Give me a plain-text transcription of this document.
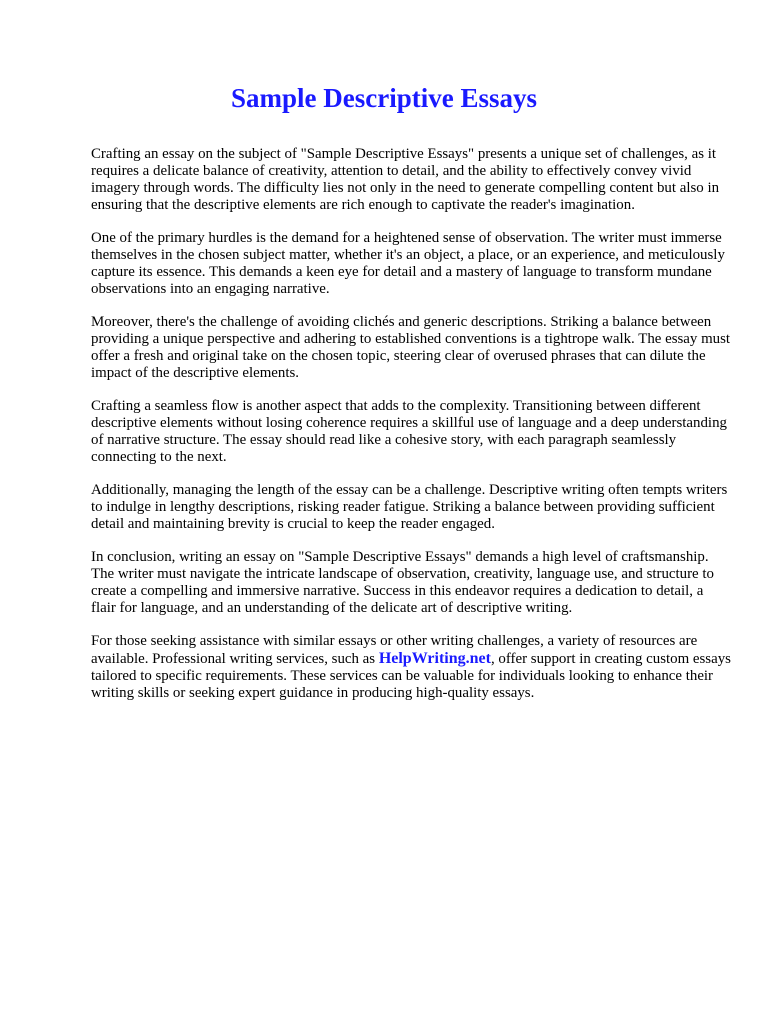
Sample Descriptive Essays

Crafting an essay on the subject of "Sample Descriptive Essays" presents a unique set of challenges, as it requires a delicate balance of creativity, attention to detail, and the ability to effectively convey vivid imagery through words. The difficulty lies not only in the need to generate compelling content but also in ensuring that the descriptive elements are rich enough to captivate the reader's imagination.

One of the primary hurdles is the demand for a heightened sense of observation. The writer must immerse themselves in the chosen subject matter, whether it's an object, a place, or an experience, and meticulously capture its essence. This demands a keen eye for detail and a mastery of language to transform mundane observations into an engaging narrative.

Moreover, there's the challenge of avoiding clichés and generic descriptions. Striking a balance between providing a unique perspective and adhering to established conventions is a tightrope walk. The essay must offer a fresh and original take on the chosen topic, steering clear of overused phrases that can dilute the impact of the descriptive elements.

Crafting a seamless flow is another aspect that adds to the complexity. Transitioning between different descriptive elements without losing coherence requires a skillful use of language and a deep understanding of narrative structure. The essay should read like a cohesive story, with each paragraph seamlessly connecting to the next.

Additionally, managing the length of the essay can be a challenge. Descriptive writing often tempts writers to indulge in lengthy descriptions, risking reader fatigue. Striking a balance between providing sufficient detail and maintaining brevity is crucial to keep the reader engaged.

In conclusion, writing an essay on "Sample Descriptive Essays" demands a high level of craftsmanship. The writer must navigate the intricate landscape of observation, creativity, language use, and structure to create a compelling and immersive narrative. Success in this endeavor requires a dedication to detail, a flair for language, and an understanding of the delicate art of descriptive writing.

For those seeking assistance with similar essays or other writing challenges, a variety of resources are available. Professional writing services, such as HelpWriting.net, offer support in creating custom essays tailored to specific requirements. These services can be valuable for individuals looking to enhance their writing skills or seeking expert guidance in producing high-quality essays.
